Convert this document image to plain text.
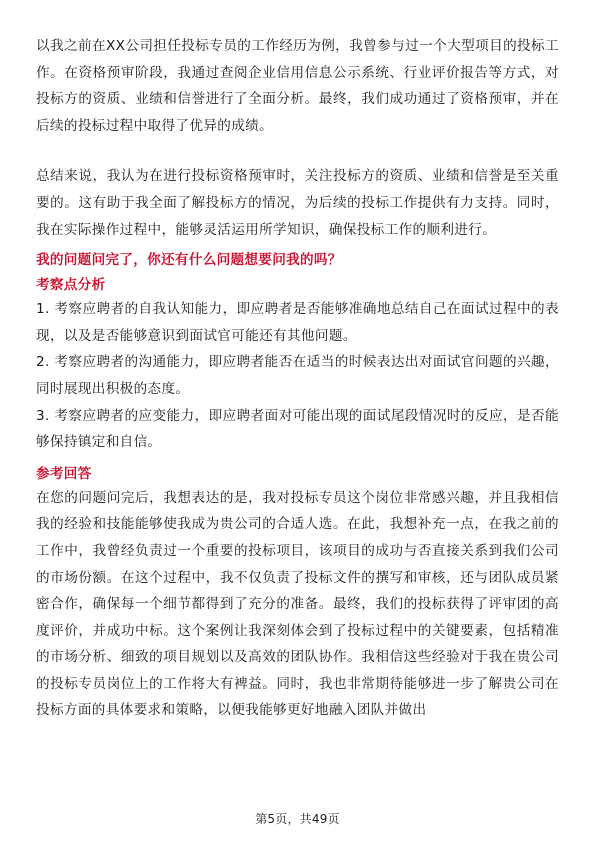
以我之前在XX公司担任投标专员的工作经历为例，我曾参与过一个大型项目的投标工作。在资格预审阶段，我通过查阅企业信用信息公示系统、行业评价报告等方式，对投标方的资质、业绩和信誉进行了全面分析。最终，我们成功通过了资格预审，并在后续的投标过程中取得了优异的成绩。

总结来说，我认为在进行投标资格预审时，关注投标方的资质、业绩和信誉是至关重要的。这有助于我全面了解投标方的情况，为后续的投标工作提供有力支持。同时，我在实际操作过程中，能够灵活运用所学知识，确保投标工作的顺利进行。

我的问题问完了，你还有什么问题想要问我的吗？
考察点分析

1. 考察应聘者的自我认知能力，即应聘者是否能够准确地总结自己在面试过程中的表现，以及是否能够意识到面试官可能还有其他问题。

2. 考察应聘者的沟通能力，即应聘者能否在适当的时候表达出对面试官问题的兴趣，同时展现出积极的态度。

3. 考察应聘者的应变能力，即应聘者面对可能出现的面试尾段情况时的反应，是否能够保持镇定和自信。

参考回答

在您的问题问完后，我想表达的是，我对投标专员这个岗位非常感兴趣，并且我相信我的经验和技能能够使我成为贵公司的合适人选。在此，我想补充一点，在我之前的工作中，我曾经负责过一个重要的投标项目，该项目的成功与否直接关系到我们公司的市场份额。在这个过程中，我不仅负责了投标文件的撰写和审核，还与团队成员紧密合作，确保每一个细节都得到了充分的准备。最终，我们的投标获得了评审团的高度评价，并成功中标。这个案例让我深刻体会到了投标过程中的关键要素，包括精准的市场分析、细致的项目规划以及高效的团队协作。我相信这些经验对于我在贵公司的投标专员岗位上的工作将大有裨益。同时，我也非常期待能够进一步了解贵公司在投标方面的具体要求和策略，以便我能够更好地融入团队并做出

第5页，共49页
